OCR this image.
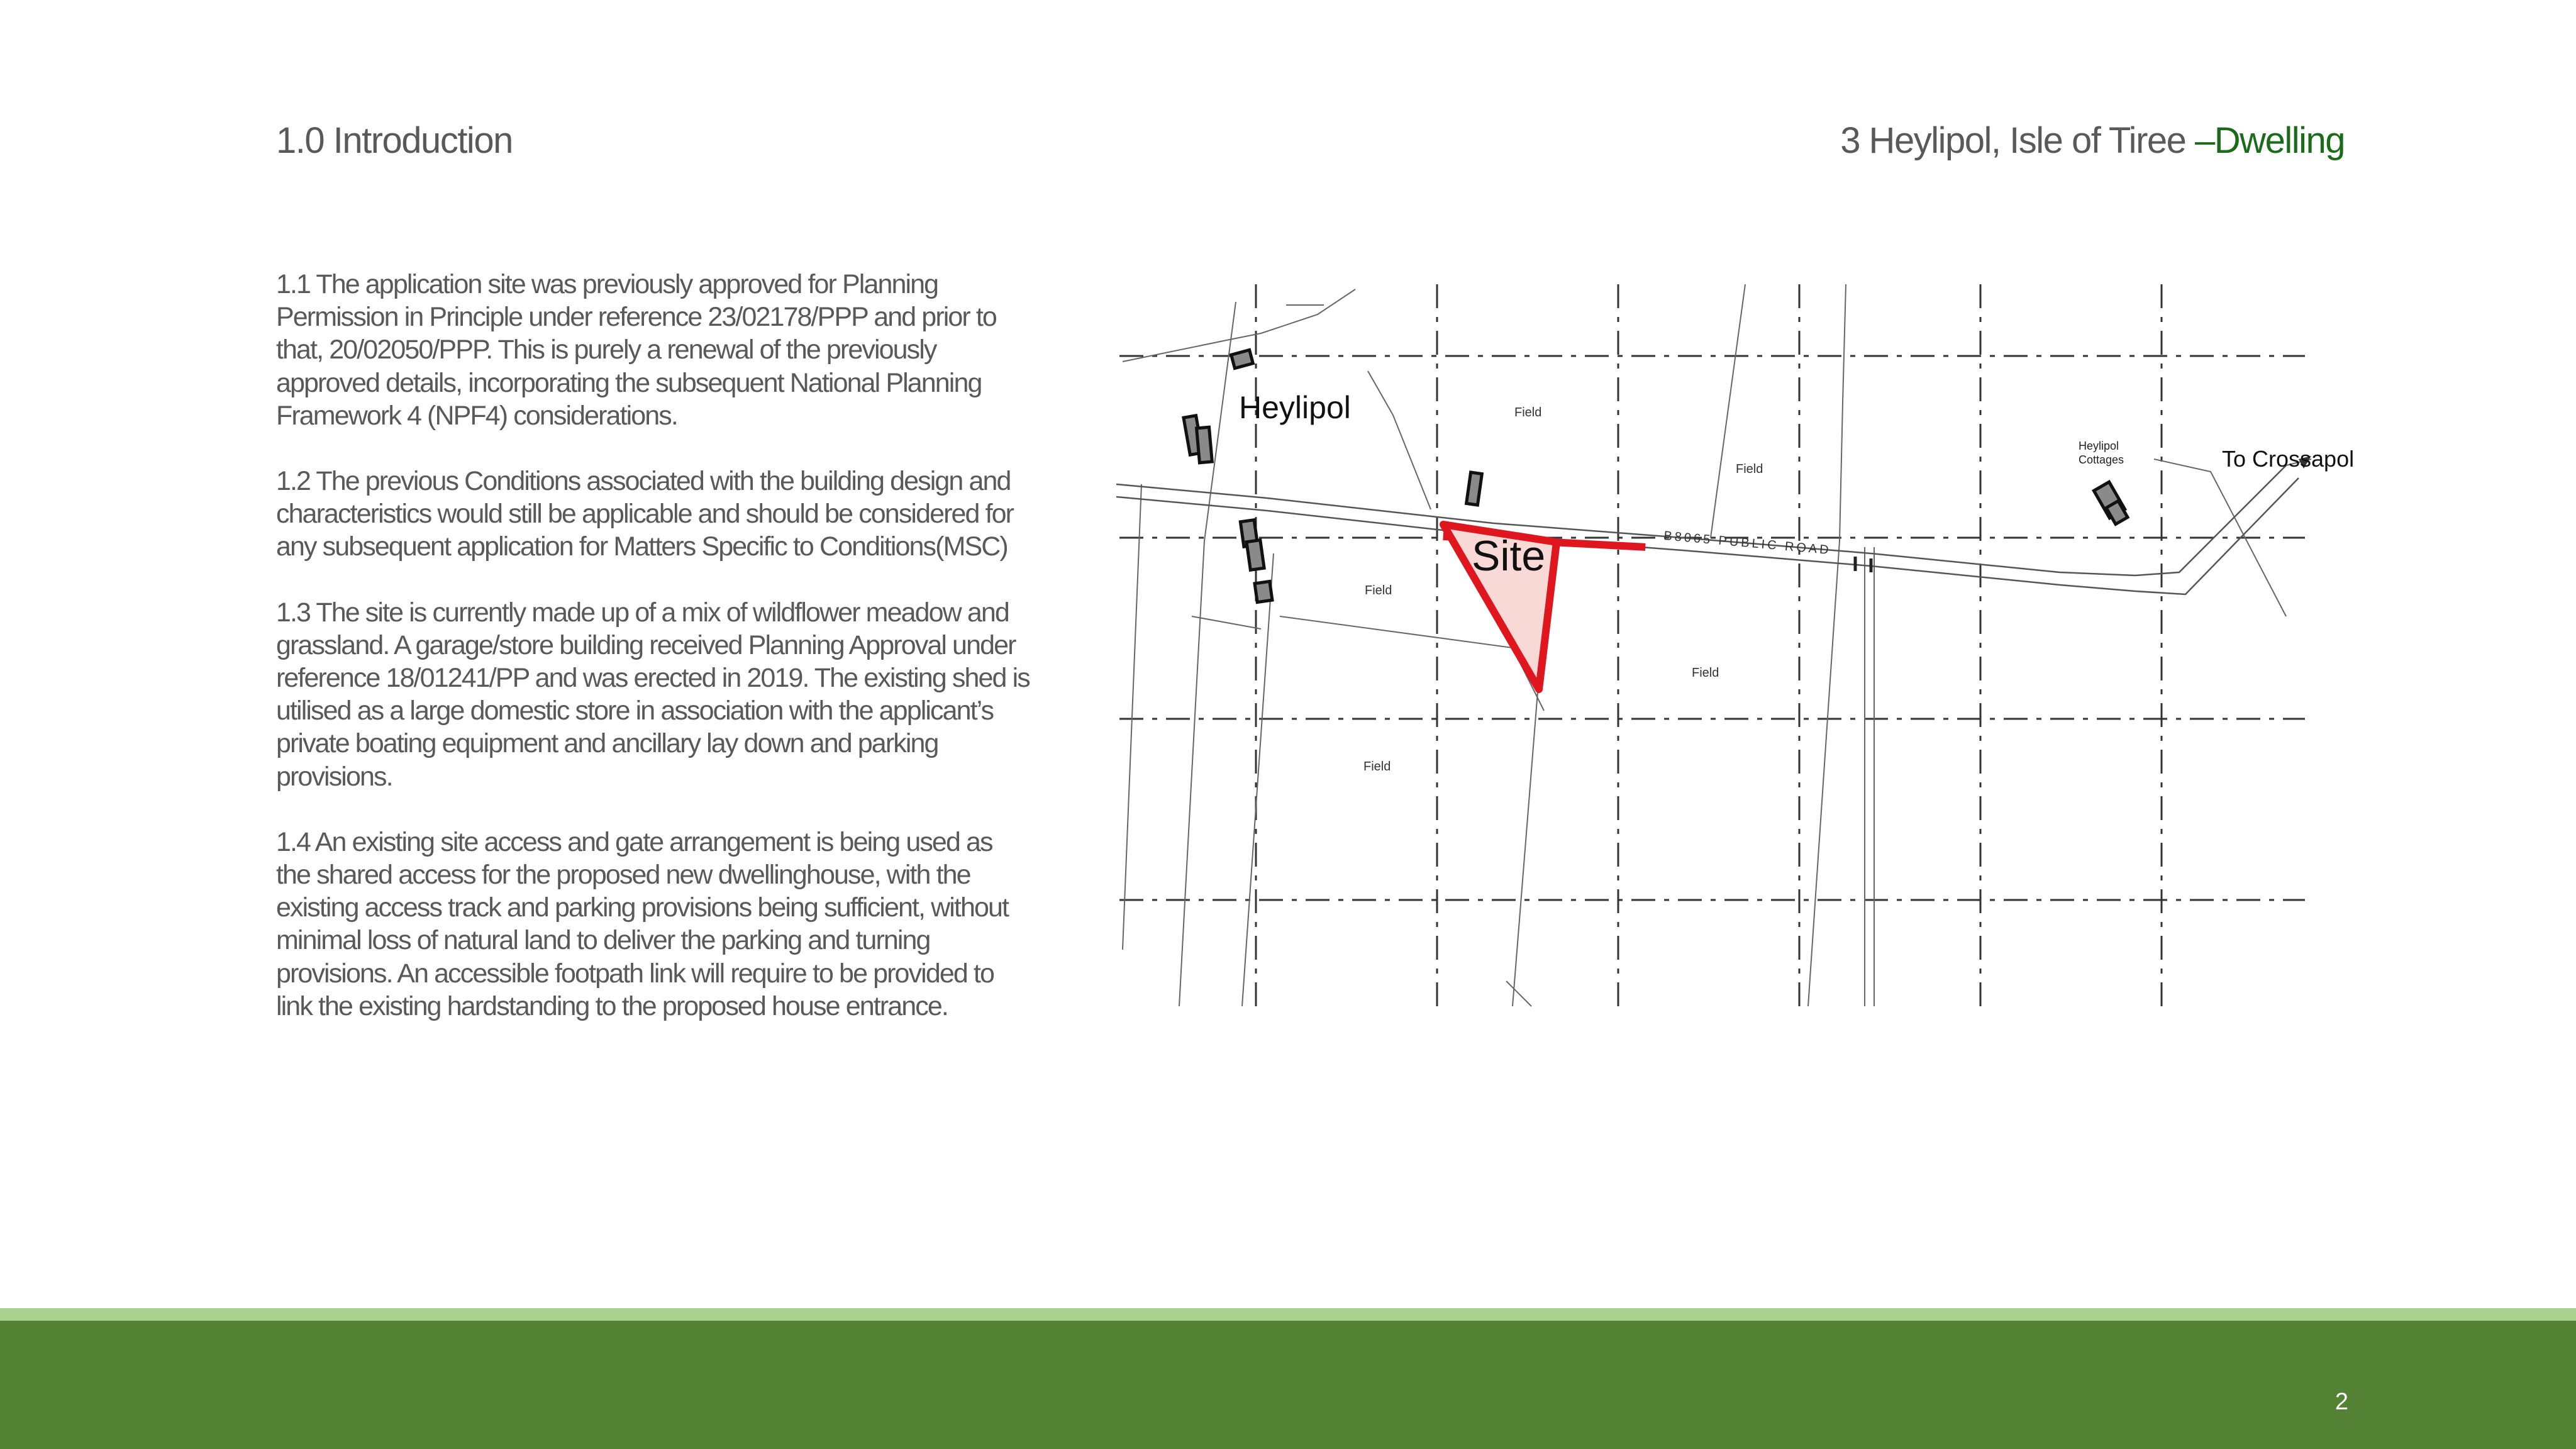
1.0 Introduction	3 Heylipol, Isle of Tiree –Dwelling

1.1 The application site was previously approved for Planning Permission in Principle under reference 23/02178/PPP and prior to that, 20/02050/PPP. This is purely a renewal of the previously approved details, incorporating the subsequent National Planning Framework 4 (NPF4) considerations.

1.2 The previous Conditions associated with the building design and characteristics would still be applicable and should be considered for any subsequent application for Matters Specific to Conditions(MSC)

1.3 The site is currently made up of a mix of wildflower meadow and grassland. A garage/store building received Planning Approval under reference 18/01241/PP and was erected in 2019. The existing shed is utilised as a large domestic store in association with the applicant’s private boating equipment and ancillary lay down and parking provisions.

1.4 An existing site access and gate arrangement is being used as the shared access for the proposed new dwellinghouse, with the existing access track and parking provisions being sufficient, without minimal loss of natural land to deliver the parking and turning provisions. An accessible footpath link will require to be provided to link the existing hardstanding to the proposed house entrance.

Heylipol
Site
Heylipol
Cottages	To Crossapol
B8065 PUBLIC ROAD
Field
Field
Field
Field
Field
2
